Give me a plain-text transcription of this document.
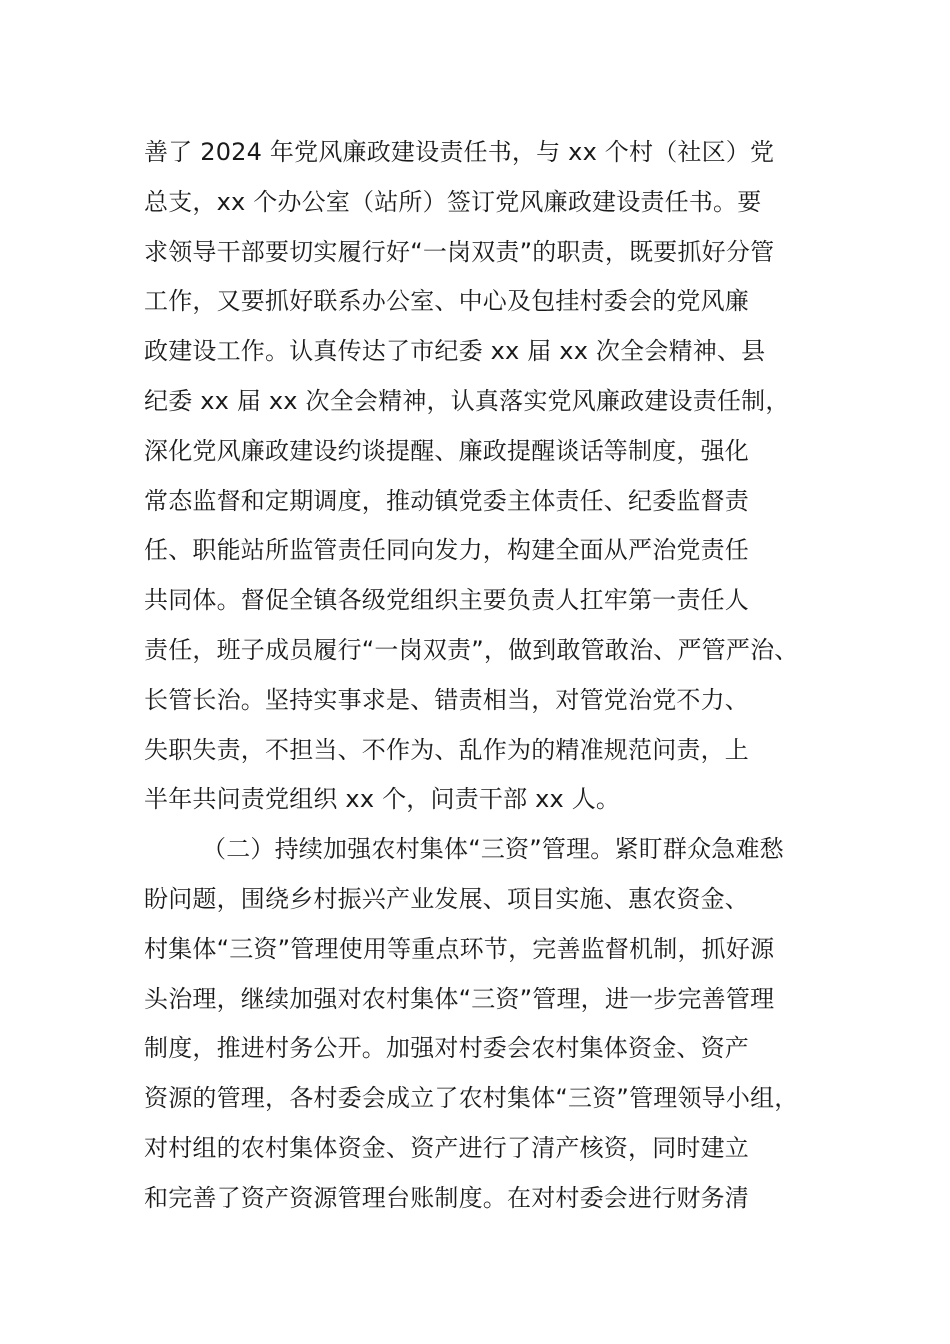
善了 2024 年党风廉政建设责任书，与 xx 个村（社区）党
总支，xx 个办公室（站所）签订党风廉政建设责任书。要
求领导干部要切实履行好“一岗双责”的职责，既要抓好分管
工作，又要抓好联系办公室、中心及包挂村委会的党风廉
政建设工作。认真传达了市纪委 xx 届 xx 次全会精神、县
纪委 xx 届 xx 次全会精神，认真落实党风廉政建设责任制，
深化党风廉政建设约谈提醒、廉政提醒谈话等制度，强化
常态监督和定期调度，推动镇党委主体责任、纪委监督责
任、职能站所监管责任同向发力，构建全面从严治党责任
共同体。督促全镇各级党组织主要负责人扛牢第一责任人
责任，班子成员履行“一岗双责”，做到敢管敢治、严管严治、
长管长治。坚持实事求是、错责相当，对管党治党不力、
失职失责，不担当、不作为、乱作为的精准规范问责，上
半年共问责党组织 xx 个，问责干部 xx 人。
（二）持续加强农村集体“三资”管理。紧盯群众急难愁
盼问题，围绕乡村振兴产业发展、项目实施、惠农资金、
村集体“三资”管理使用等重点环节，完善监督机制，抓好源
头治理，继续加强对农村集体“三资”管理，进一步完善管理
制度，推进村务公开。加强对村委会农村集体资金、资产
资源的管理，各村委会成立了农村集体“三资”管理领导小组，
对村组的农村集体资金、资产进行了清产核资，同时建立
和完善了资产资源管理台账制度。在对村委会进行财务清
